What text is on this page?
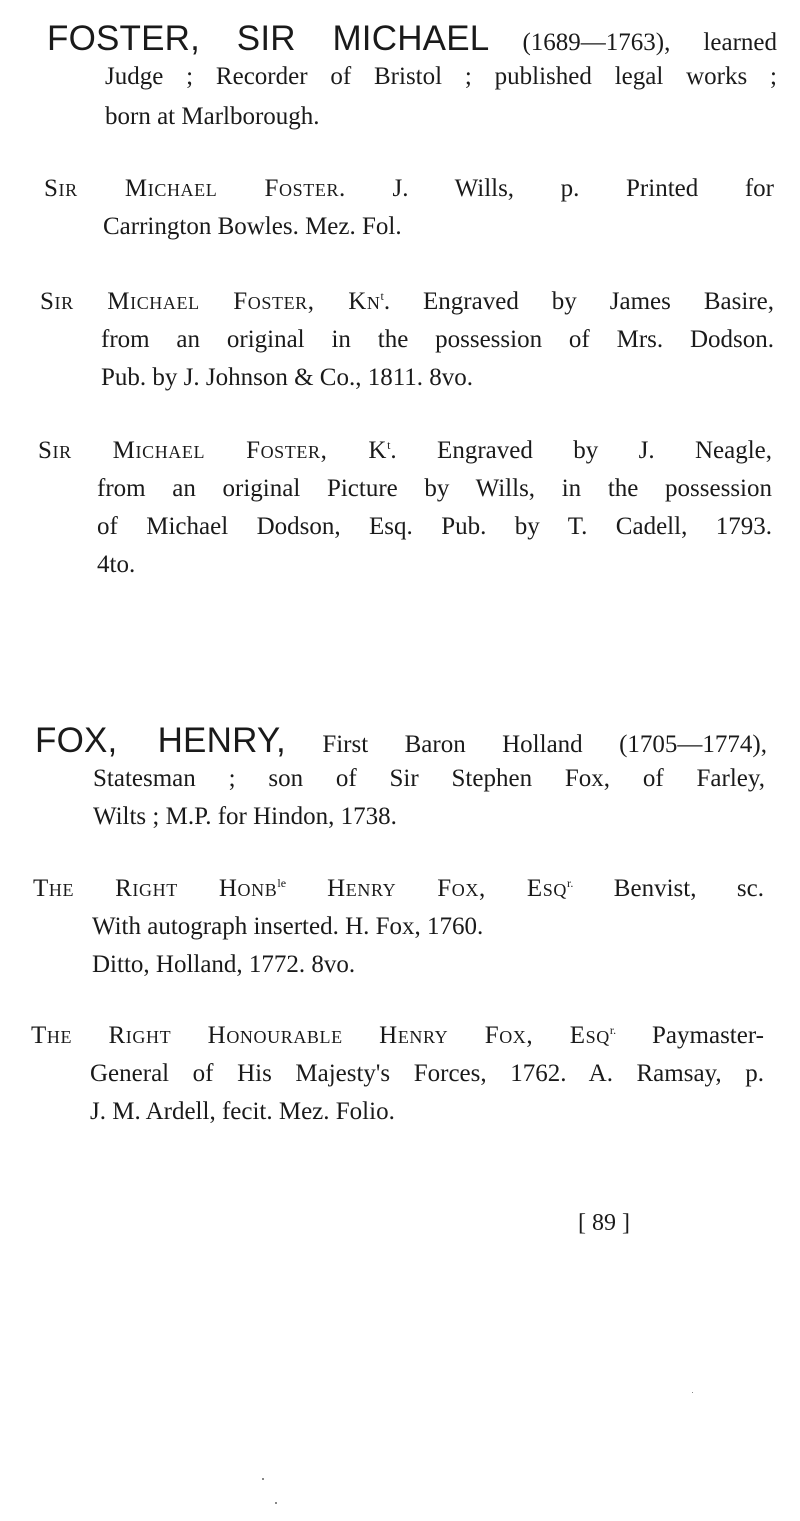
FOSTER, SIR MICHAEL (1689—1763), learned
Judge ; Recorder of Bristol ; published legal works ;
born at Marlborough.
Sir Michael Foster. J. Wills, p. Printed for
Carrington Bowles. Mez. Fol.
Sir Michael Foster, Kn$^t$. Engraved by James Basire,
from an original in the possession of Mrs. Dodson.
Pub. by J. Johnson & Co., 1811. 8vo.
Sir Michael Foster, $K^t$. Engraved by J. Neagle,
from an original Picture by Wills, in the possession
of Michael Dodson, Esq. Pub. by T. Cadell, 1793.
4to.
FOX, HENRY, First Baron Holland (1705—1774),
Statesman ; son of Sir Stephen Fox, of Farley,
Wilts ; M.P. for Hindon, 1738.
The Right Honb$^{le}$ Henry Fox, Esq$^{r.}$ Benvist, sc.
With autograph inserted. H. Fox, 1760.
Ditto, Holland, 1772. 8vo.
The Right Honourable Henry Fox, Esq$^{r.}$ Paymaster-
General of His Majesty's Forces, 1762. A. Ramsay, p.
J. M. Ardell, fecit. Mez. Folio.
[ 89 ]
